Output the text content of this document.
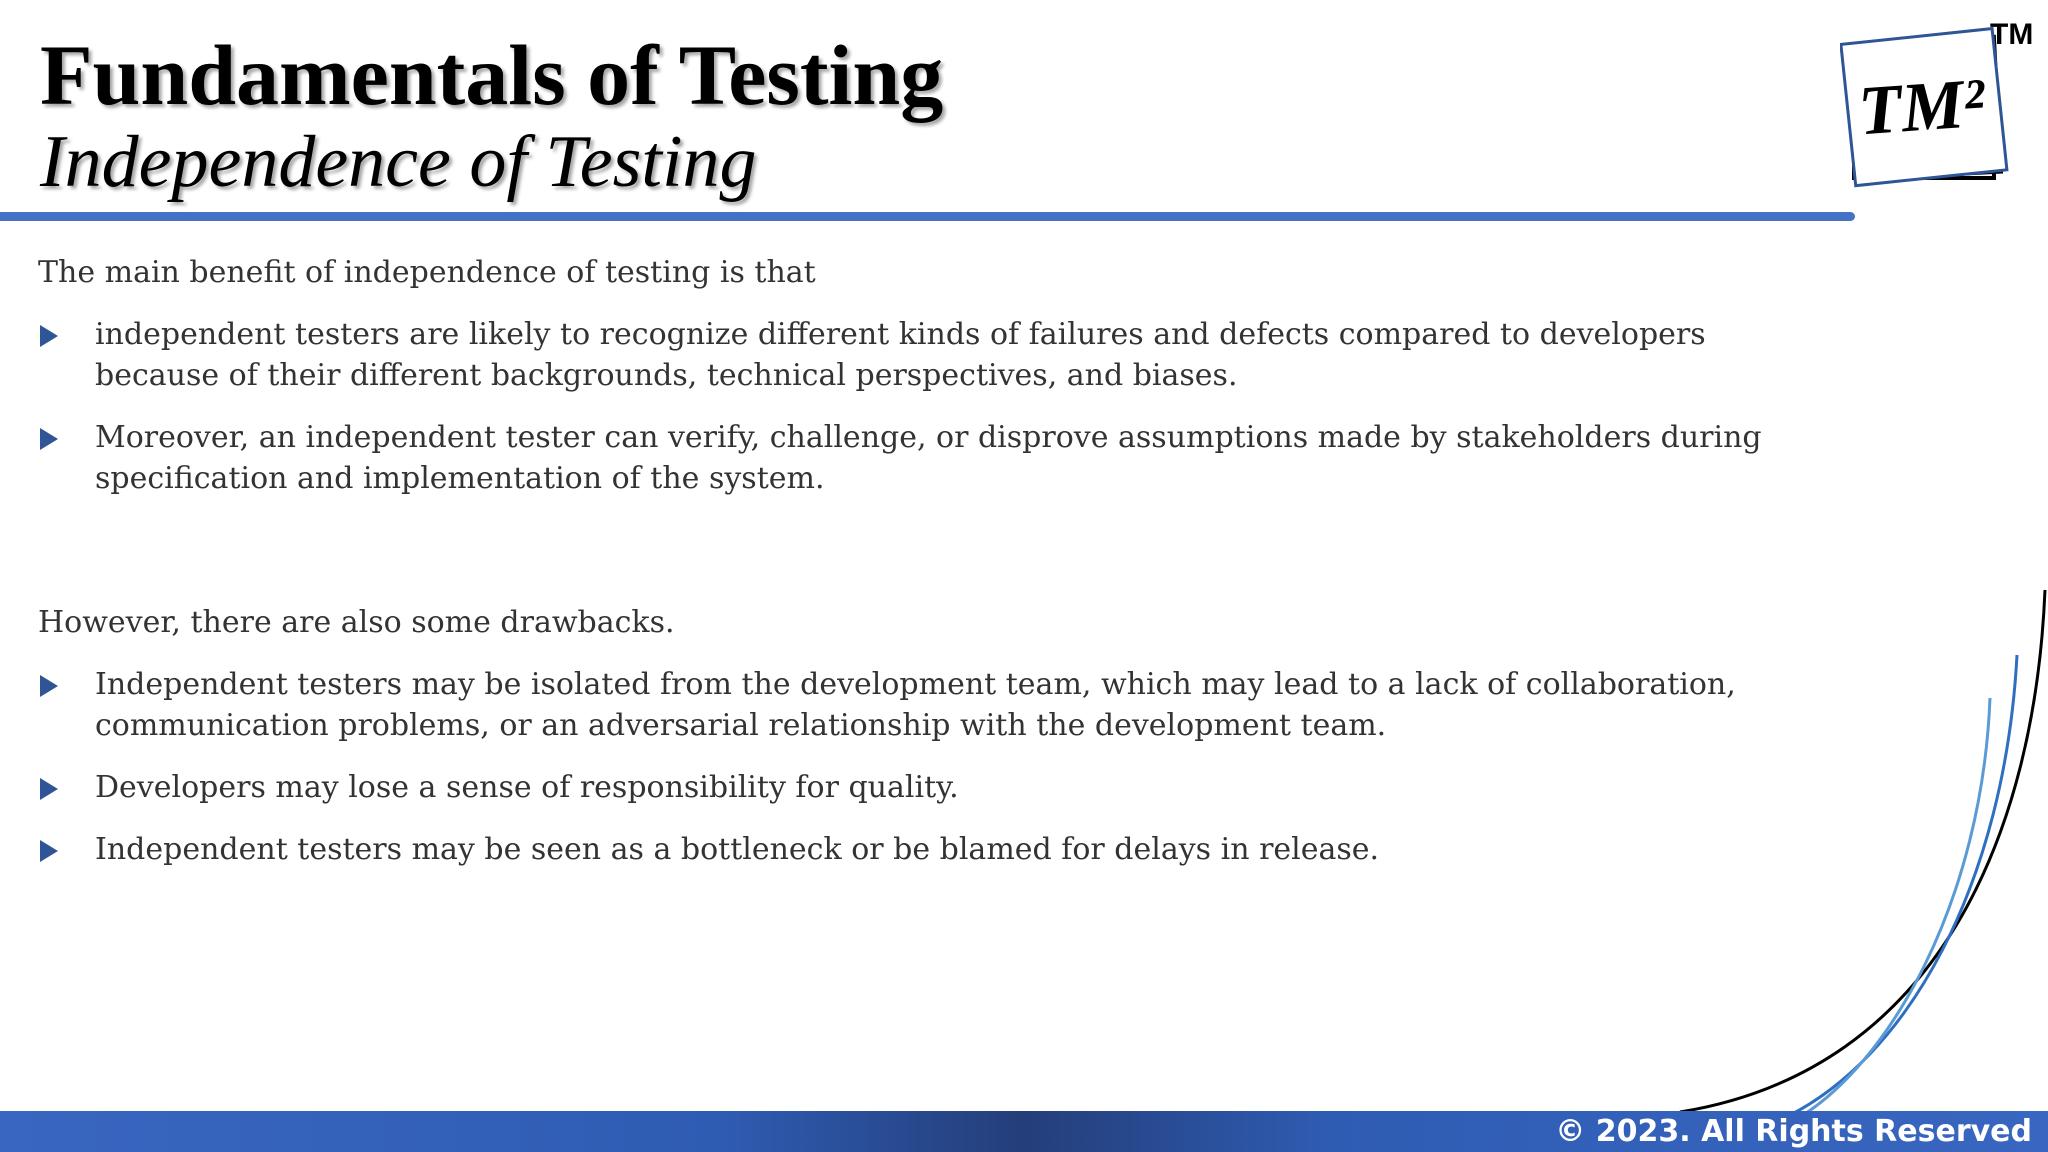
Fundamentals of Testing
Independence of Testing
TM²
TM

The main benefit of independence of testing is that

independent testers are likely to recognize different kinds of failures and defects compared to developers because of their different backgrounds, technical perspectives, and biases.
Moreover, an independent tester can verify, challenge, or disprove assumptions made by stakeholders during specification and implementation of the system.

However, there are also some drawbacks.

Independent testers may be isolated from the development team, which may lead to a lack of collaboration, communication problems, or an adversarial relationship with the development team.
Developers may lose a sense of responsibility for quality.
Independent testers may be seen as a bottleneck or be blamed for delays in release.
© 2023. All Rights Reserved
